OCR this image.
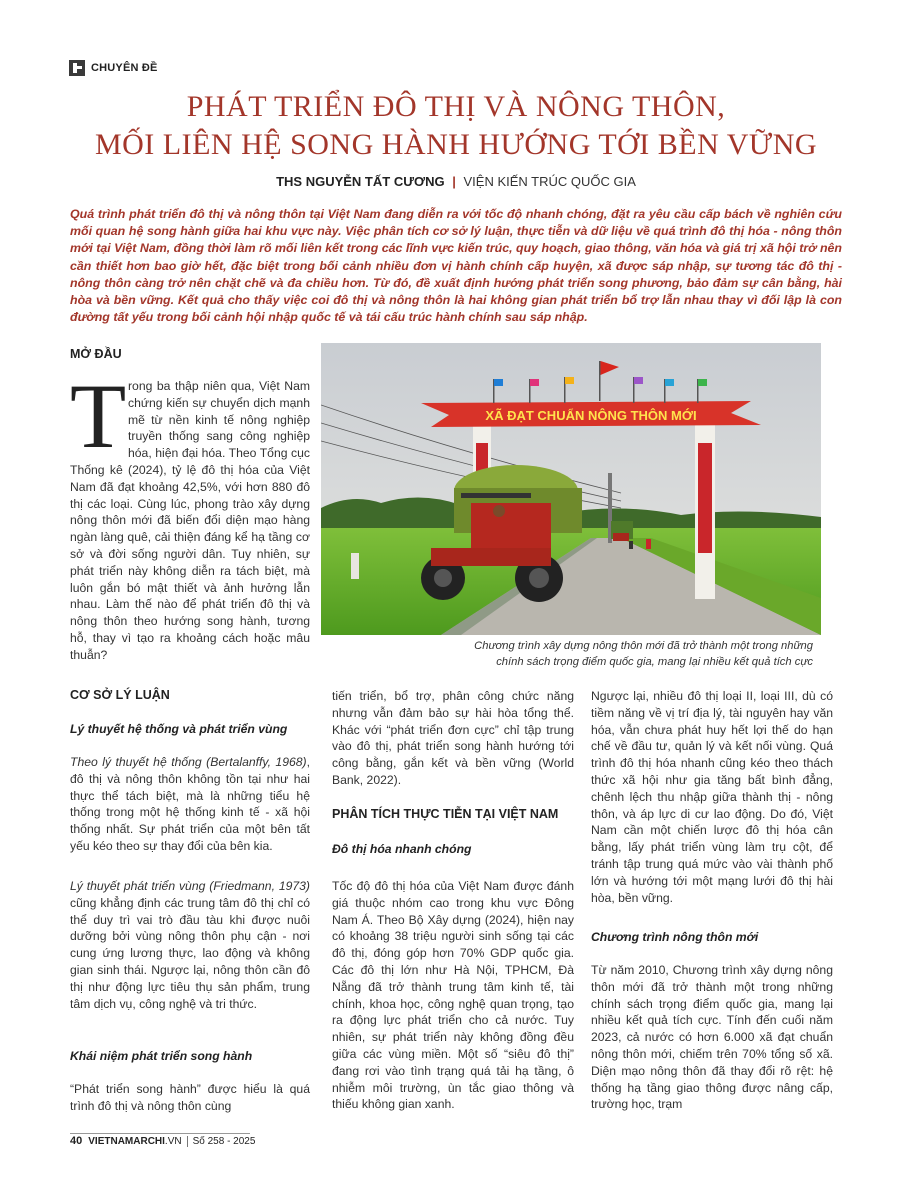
CHUYÊN ĐỀ
PHÁT TRIỂN ĐÔ THỊ VÀ NÔNG THÔN,
MỐI LIÊN HỆ SONG HÀNH HƯỚNG TỚI BỀN VỮNG
THS NGUYỄN TẤT CƯƠNG | VIỆN KIẾN TRÚC QUỐC GIA
Quá trình phát triển đô thị và nông thôn tại Việt Nam đang diễn ra với tốc độ nhanh chóng, đặt ra yêu cầu cấp bách về nghiên cứu mối quan hệ song hành giữa hai khu vực này. Việc phân tích cơ sở lý luận, thực tiễn và dữ liệu về quá trình đô thị hóa - nông thôn mới tại Việt Nam, đồng thời làm rõ mối liên kết trong các lĩnh vực kiến trúc, quy hoạch, giao thông, văn hóa và giá trị xã hội trở nên cần thiết hơn bao giờ hết, đặc biệt trong bối cảnh nhiều đơn vị hành chính cấp huyện, xã được sáp nhập, sự tương tác đô thị - nông thôn càng trở nên chặt chẽ và đa chiều hơn. Từ đó, đề xuất định hướng phát triển song phương, bảo đảm sự cân bằng, hài hòa và bền vững. Kết quả cho thấy việc coi đô thị và nông thôn là hai không gian phát triển bổ trợ lẫn nhau thay vì đối lập là con đường tất yếu trong bối cảnh hội nhập quốc tế và tái cấu trúc hành chính sau sáp nhập.
MỞ ĐẦU
Trong ba thập niên qua, Việt Nam chứng kiến sự chuyển dịch mạnh mẽ từ nền kinh tế nông nghiệp truyền thống sang công nghiệp hóa, hiện đại hóa. Theo Tổng cục Thống kê (2024), tỷ lệ đô thị hóa của Việt Nam đã đạt khoảng 42,5%, với hơn 880 đô thị các loại. Cùng lúc, phong trào xây dựng nông thôn mới đã biến đổi diện mạo hàng ngàn làng quê, cải thiện đáng kể hạ tầng cơ sở và đời sống người dân. Tuy nhiên, sự phát triển này không diễn ra tách biệt, mà luôn gắn bó mật thiết và ảnh hưởng lẫn nhau. Làm thế nào để phát triển đô thị và nông thôn theo hướng song hành, tương hỗ, thay vì tạo ra khoảng cách hoặc mâu thuẫn?
XÃ ĐẠT CHUẨN NÔNG THÔN MỚI
Chương trình xây dựng nông thôn mới đã trở thành một trong những
chính sách trọng điểm quốc gia, mang lại nhiều kết quả tích cực
CƠ SỞ LÝ LUẬN
Lý thuyết hệ thống và phát triển vùng
Theo lý thuyết hệ thống (Bertalanffy, 1968), đô thị và nông thôn không tồn tại như hai thực thể tách biệt, mà là những tiểu hệ thống trong một hệ thống kinh tế - xã hội thống nhất. Sự phát triển của một bên tất yếu kéo theo sự thay đổi của bên kia.
Lý thuyết phát triển vùng (Friedmann, 1973) cũng khẳng định các trung tâm đô thị chỉ có thể duy trì vai trò đầu tàu khi được nuôi dưỡng bởi vùng nông thôn phụ cận - nơi cung ứng lương thực, lao động và không gian sinh thái. Ngược lại, nông thôn cần đô thị như động lực tiêu thụ sản phẩm, trung tâm dịch vụ, công nghệ và tri thức.
Khái niệm phát triển song hành
“Phát triển song hành” được hiểu là quá trình đô thị và nông thôn cùng
tiến triển, bổ trợ, phân công chức năng nhưng vẫn đảm bảo sự hài hòa tổng thể. Khác với “phát triển đơn cực” chỉ tập trung vào đô thị, phát triển song hành hướng tới công bằng, gắn kết và bền vững (World Bank, 2022).
PHÂN TÍCH THỰC TIỄN TẠI VIỆT NAM
Đô thị hóa nhanh chóng
Tốc độ đô thị hóa của Việt Nam được đánh giá thuộc nhóm cao trong khu vực Đông Nam Á. Theo Bộ Xây dựng (2024), hiện nay có khoảng 38 triệu người sinh sống tại các đô thị, đóng góp hơn 70% GDP quốc gia. Các đô thị lớn như Hà Nội, TPHCM, Đà Nẵng đã trở thành trung tâm kinh tế, tài chính, khoa học, công nghệ quan trọng, tạo ra động lực phát triển cho cả nước. Tuy nhiên, sự phát triển này không đồng đều giữa các vùng miền. Một số “siêu đô thị” đang rơi vào tình trạng quá tải hạ tầng, ô nhiễm môi trường, ùn tắc giao thông và thiếu không gian xanh.
Ngược lại, nhiều đô thị loại II, loại III, dù có tiềm năng về vị trí địa lý, tài nguyên hay văn hóa, vẫn chưa phát huy hết lợi thế do hạn chế về đầu tư, quản lý và kết nối vùng. Quá trình đô thị hóa nhanh cũng kéo theo thách thức xã hội như gia tăng bất bình đẳng, chênh lệch thu nhập giữa thành thị - nông thôn, và áp lực di cư lao động. Do đó, Việt Nam cần một chiến lược đô thị hóa cân bằng, lấy phát triển vùng làm trụ cột, để tránh tập trung quá mức vào vài thành phố lớn và hướng tới một mạng lưới đô thị hài hòa, bền vững.
Chương trình nông thôn mới
Từ năm 2010, Chương trình xây dựng nông thôn mới đã trở thành một trong những chính sách trọng điểm quốc gia, mang lại nhiều kết quả tích cực. Tính đến cuối năm 2023, cả nước có hơn 6.000 xã đạt chuẩn nông thôn mới, chiếm trên 70% tổng số xã. Diện mạo nông thôn đã thay đổi rõ rệt: hệ thống hạ tầng giao thông được nâng cấp, trường học, trạm
40 VIETNAMARCHI.VN Số 258 - 2025
